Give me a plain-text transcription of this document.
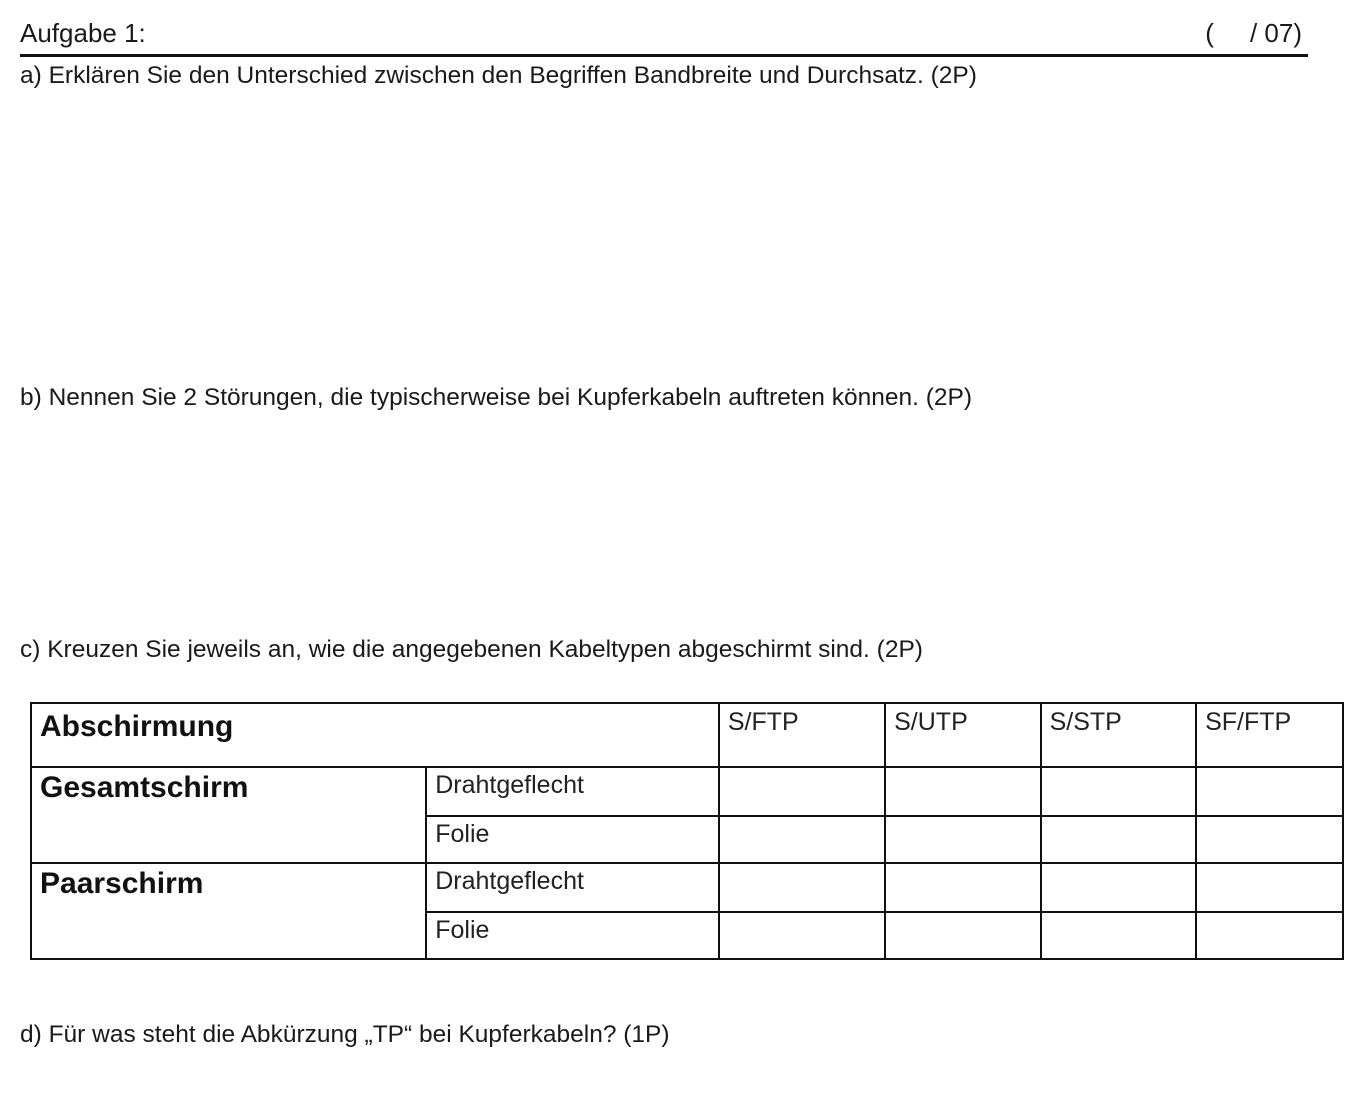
Aufgabe 1:	(     / 07)
a) Erklären Sie den Unterschied zwischen den Begriffen Bandbreite und Durchsatz. (2P)
b) Nennen Sie 2 Störungen, die typischerweise bei Kupferkabeln auftreten können. (2P)
c) Kreuzen Sie jeweils an, wie die angegebenen Kabeltypen abgeschirmt sind. (2P)
Abschirmung		S/FTP	S/UTP	S/STP	SF/FTP
Gesamtschirm	Drahtgeflecht				
	Folie				
Paarschirm	Drahtgeflecht				
	Folie				
d) Für was steht die Abkürzung „TP“ bei Kupferkabeln? (1P)
